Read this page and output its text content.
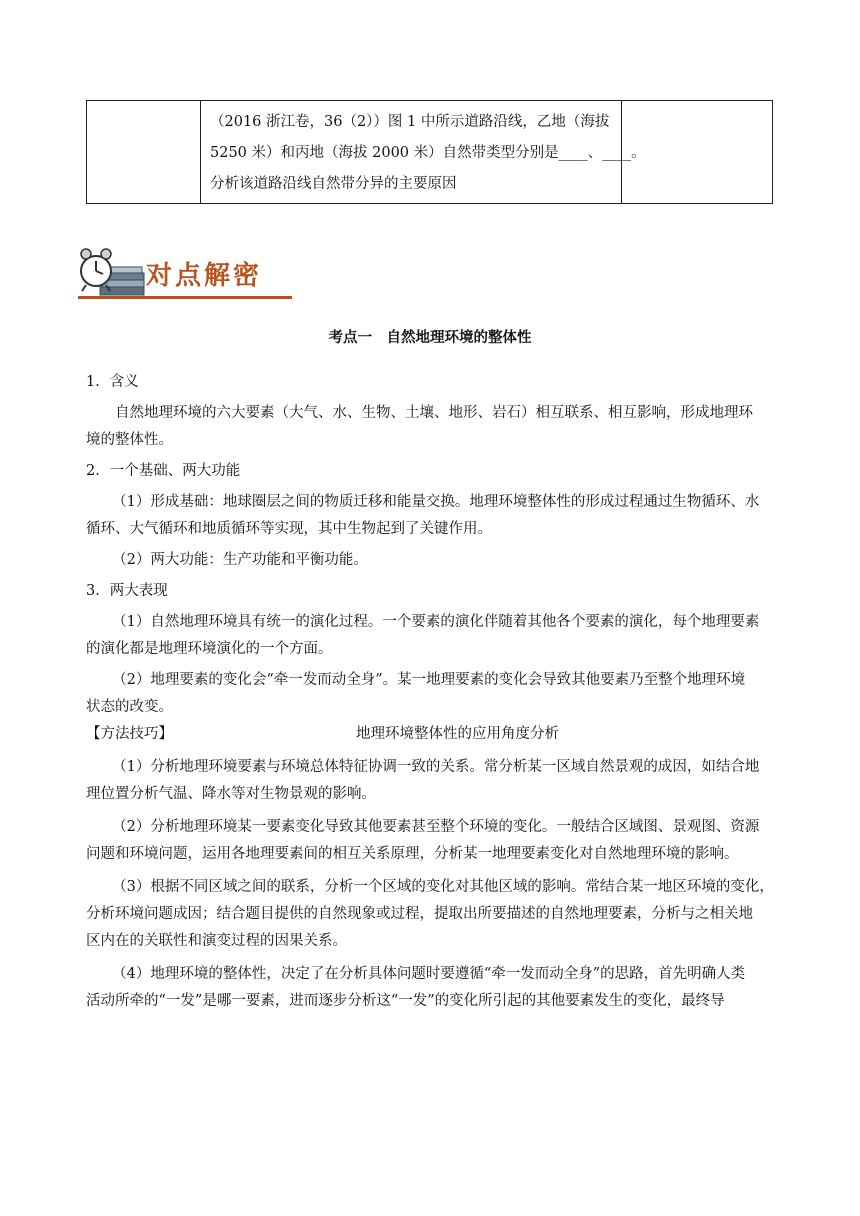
（2016 浙江卷，36（2））图 1 中所示道路沿线，乙地（海拔

5250 米）和丙地（海拔 2000 米）自然带类型分别是____、____。

分析该道路沿线自然带分异的主要原因

对点解密
考点一　自然地理环境的整体性

1．含义

自然地理环境的六大要素（大气、水、生物、土壤、地形、岩石）相互联系、相互影响，形成地理环

境的整体性。

2．一个基础、两大功能

（1）形成基础：地球圈层之间的物质迁移和能量交换。地理环境整体性的形成过程通过生物循环、水

循环、大气循环和地质循环等实现，其中生物起到了关键作用。

（2）两大功能：生产功能和平衡功能。

3．两大表现

（1）自然地理环境具有统一的演化过程。一个要素的演化伴随着其他各个要素的演化，每个地理要素

的演化都是地理环境演化的一个方面。

（2）地理要素的变化会“牵一发而动全身”。某一地理要素的变化会导致其他要素乃至整个地理环境

状态的改变。

【方法技巧】	地理环境整体性的应用角度分析

（1）分析地理环境要素与环境总体特征协调一致的关系。常分析某一区域自然景观的成因，如结合地

理位置分析气温、降水等对生物景观的影响。

（2）分析地理环境某一要素变化导致其他要素甚至整个环境的变化。一般结合区域图、景观图、资源

问题和环境问题，运用各地理要素间的相互关系原理，分析某一地理要素变化对自然地理环境的影响。

（3）根据不同区域之间的联系，分析一个区域的变化对其他区域的影响。常结合某一地区环境的变化，

分析环境问题成因；结合题目提供的自然现象或过程，提取出所要描述的自然地理要素，分析与之相关地

区内在的关联性和演变过程的因果关系。

（4）地理环境的整体性，决定了在分析具体问题时要遵循“牵一发而动全身”的思路，首先明确人类

活动所牵的“一发”是哪一要素，进而逐步分析这“一发”的变化所引起的其他要素发生的变化，最终导
